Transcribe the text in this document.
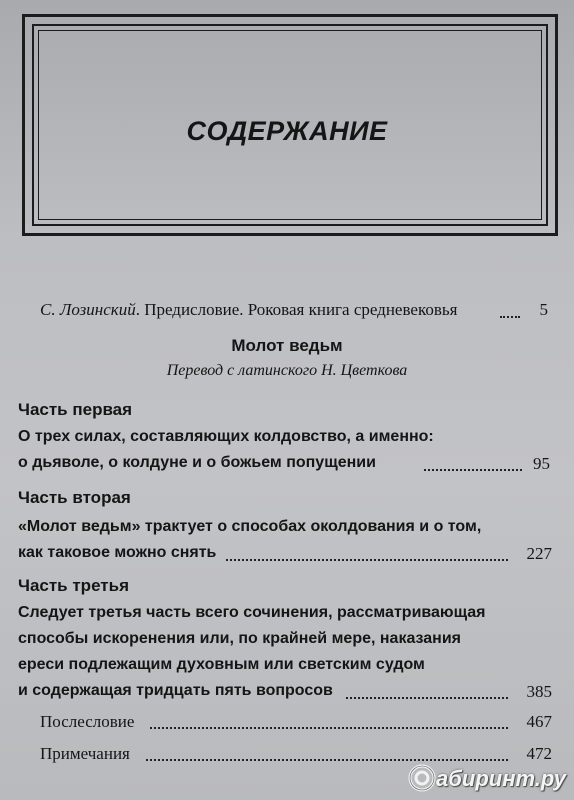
СОДЕРЖАНИЕ
С. Лозинский. Предисловие. Роковая книга средневековья	5
Молот ведьм
Перевод с латинского Н. Цветкова
Часть первая
О трех силах, составляющих колдовство, а именно:
о дьяволе, о колдуне и о божьем попущении	95
Часть вторая
«Молот ведьм» трактует о способах околдования и о том,
как таковое можно снять	227
Часть третья
Следует третья часть всего сочинения, рассматривающая
способы искоренения или, по крайней мере, наказания
ереси подлежащим духовным или светским судом
и содержащая тридцать пять вопросов	385
Послесловие	467
Примечания	472
абиринт.ру
